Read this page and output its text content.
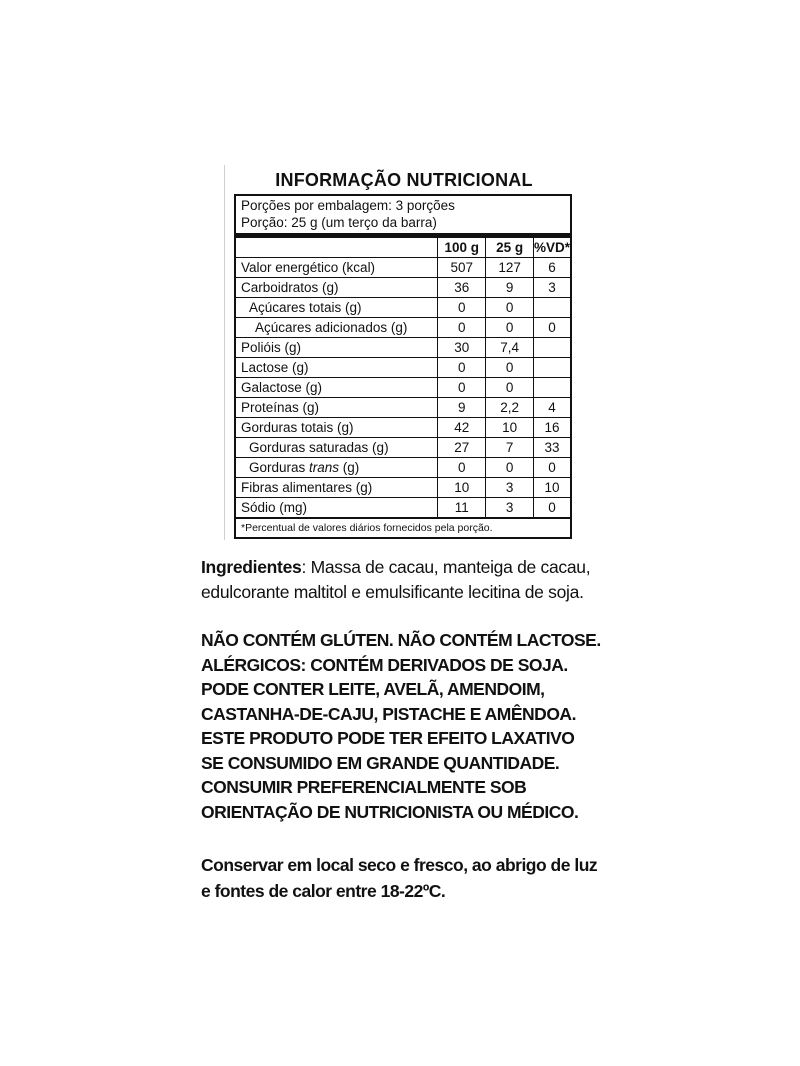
INFORMAÇÃO NUTRICIONAL
Porções por embalagem: 3 porções
Porção: 25 g (um terço da barra)
	100 g	25 g	%VD*
Valor energético (kcal)	507	127	6
Carboidratos (g)	36	9	3
Açúcares totais (g)	0	0	
Açúcares adicionados (g)	0	0	0
Polióis (g)	30	7,4	
Lactose (g)	0	0	
Galactose (g)	0	0	
Proteínas (g)	9	2,2	4
Gorduras totais (g)	42	10	16
Gorduras saturadas (g)	27	7	33
Gorduras trans (g)	0	0	0
Fibras alimentares (g)	10	3	10
Sódio (mg)	11	3	0
*Percentual de valores diários fornecidos pela porção.
Ingredientes: Massa de cacau, manteiga de cacau,
edulcorante maltitol e emulsificante lecitina de soja.
NÃO CONTÉM GLÚTEN. NÃO CONTÉM LACTOSE.
ALÉRGICOS: CONTÉM DERIVADOS DE SOJA.
PODE CONTER LEITE, AVELÃ, AMENDOIM,
CASTANHA-DE-CAJU, PISTACHE E AMÊNDOA.
ESTE PRODUTO PODE TER EFEITO LAXATIVO
SE CONSUMIDO EM GRANDE QUANTIDADE.
CONSUMIR PREFERENCIALMENTE SOB
ORIENTAÇÃO DE NUTRICIONISTA OU MÉDICO.
Conservar em local seco e fresco, ao abrigo de luz
e fontes de calor entre 18-22ºC.
